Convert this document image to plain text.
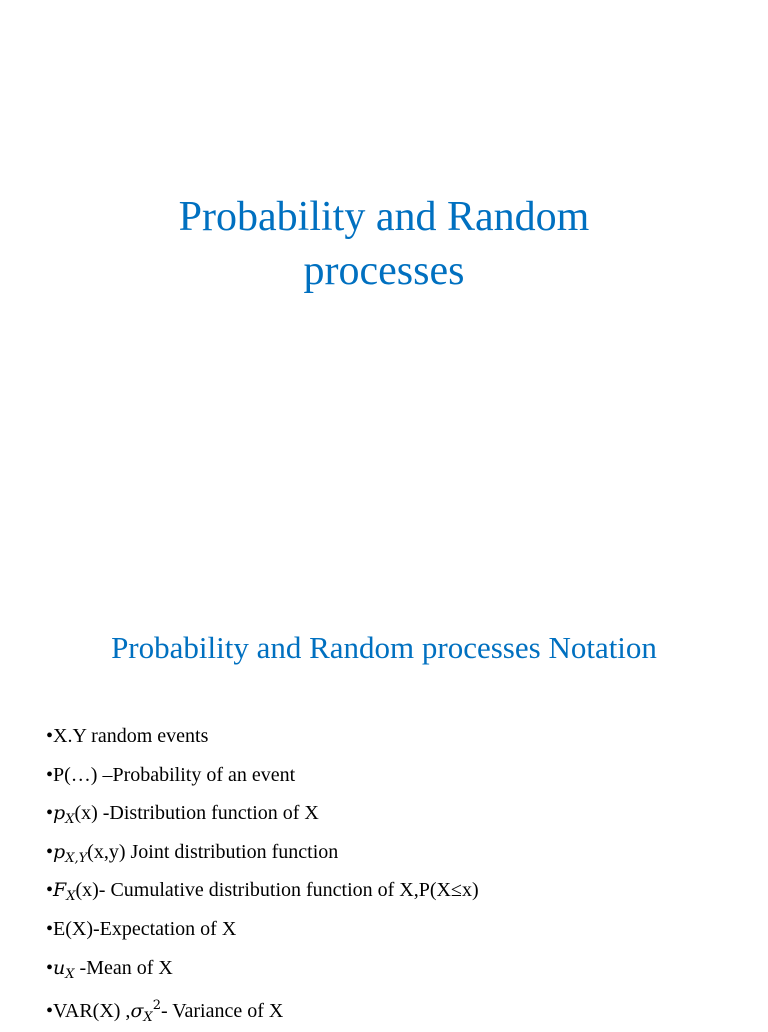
Probability and Random
processes
Probability and Random processes Notation
•X.Y random events
•P(…) –Probability of an event
$•p_X(x)$ -Distribution function of X
$•p_{X,Y}(x,y)$ Joint distribution function
$•F_X(x)-$ Cumulative distribution function of X,P(X≤x)
•E(X)-Expectation of X
$•u_X$ -Mean of X
•VAR(X) $,\sigma_X^2-$ Variance of X
